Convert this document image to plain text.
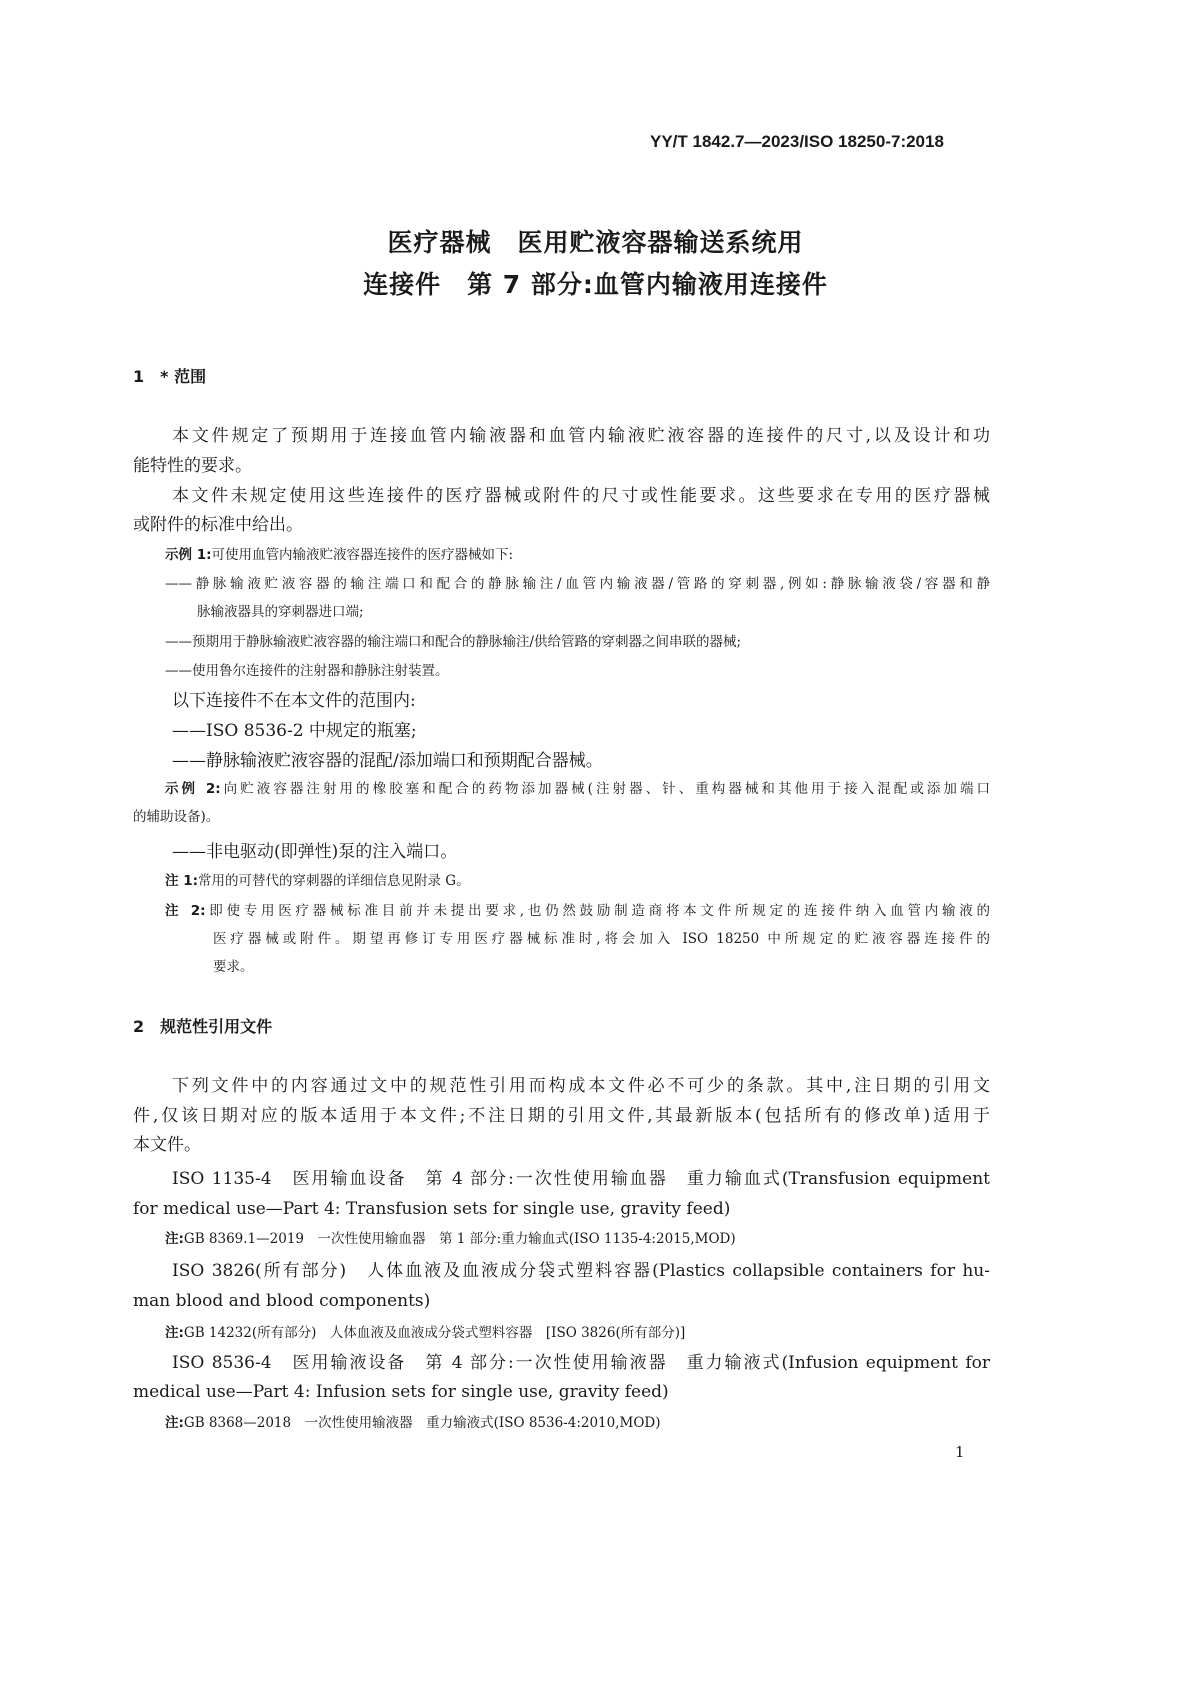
YY/T 1842.7—2023/ISO 18250-7:2018
医疗器械　医用贮液容器输送系统用
连接件　第 7 部分:血管内输液用连接件
1　* 范围
2　规范性引用文件
1
本文件规定了预期用于连接血管内输液器和血管内输液贮液容器的连接件的尺寸,以及设计和功
能特性的要求。
本文件未规定使用这些连接件的医疗器械或附件的尺寸或性能要求。这些要求在专用的医疗器械
或附件的标准中给出。
示例 1:可使用血管内输液贮液容器连接件的医疗器械如下:
——静脉输液贮液容器的输注端口和配合的静脉输注/血管内输液器/管路的穿刺器,例如:静脉输液袋/容器和静
脉输液器具的穿刺器进口端;
——预期用于静脉输液贮液容器的输注端口和配合的静脉输注/供给管路的穿刺器之间串联的器械;
——使用鲁尔连接件的注射器和静脉注射装置。
以下连接件不在本文件的范围内:
——ISO 8536-2 中规定的瓶塞;
——静脉输液贮液容器的混配/添加端口和预期配合器械。
示例 2:向贮液容器注射用的橡胶塞和配合的药物添加器械(注射器、针、重构器械和其他用于接入混配或添加端口
的辅助设备)。
——非电驱动(即弹性)泵的注入端口。
注 1:常用的可替代的穿刺器的详细信息见附录 G。
注 2:即使专用医疗器械标准目前并未提出要求,也仍然鼓励制造商将本文件所规定的连接件纳入血管内输液的
医疗器械或附件。期望再修订专用医疗器械标准时,将会加入 ISO 18250 中所规定的贮液容器连接件的
要求。
下列文件中的内容通过文中的规范性引用而构成本文件必不可少的条款。其中,注日期的引用文
件,仅该日期对应的版本适用于本文件;不注日期的引用文件,其最新版本(包括所有的修改单)适用于
本文件。
ISO 1135-4　医用输血设备　第 4 部分:一次性使用输血器　重力输血式(Transfusion equipment
for medical use—Part 4: Transfusion sets for single use, gravity feed)
注:GB 8369.1—2019　一次性使用输血器　第 1 部分:重力输血式(ISO 1135-4:2015,MOD)
ISO 3826(所有部分)　人体血液及血液成分袋式塑料容器(Plastics collapsible containers for hu-
man blood and blood components)
注:GB 14232(所有部分)　人体血液及血液成分袋式塑料容器　[ISO 3826(所有部分)]
ISO 8536-4　医用输液设备　第 4 部分:一次性使用输液器　重力输液式(Infusion equipment for
medical use—Part 4: Infusion sets for single use, gravity feed)
注:GB 8368—2018　一次性使用输液器　重力输液式(ISO 8536-4:2010,MOD)
